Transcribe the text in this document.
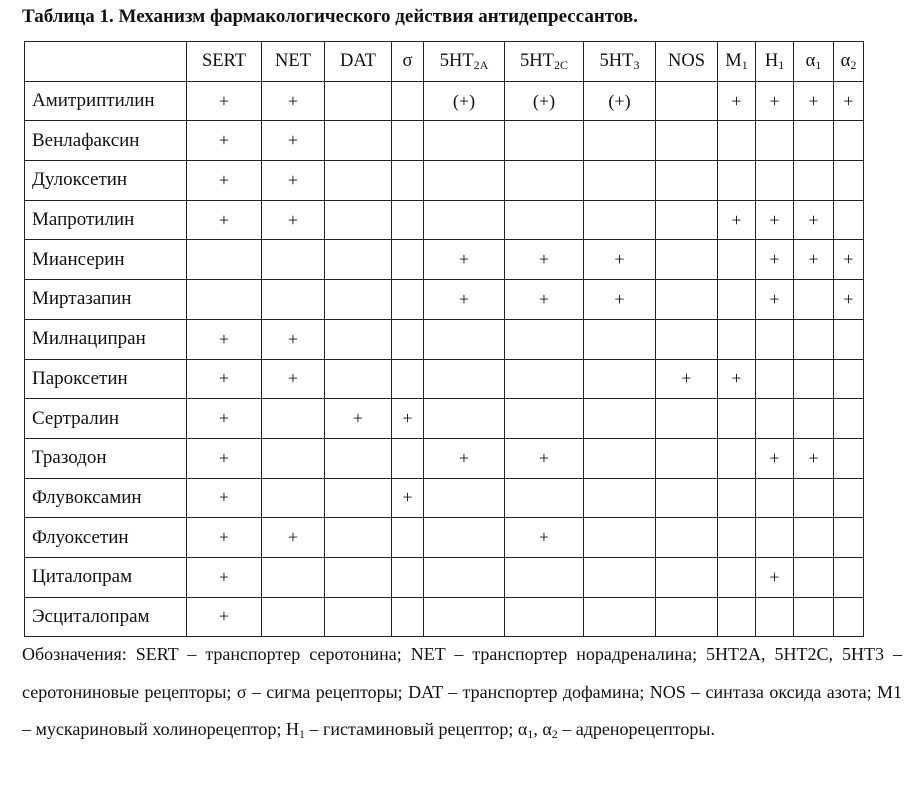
Таблица 1. Механизм фармакологического действия антидепрессантов.
	SERT	NET	DAT	σ	$5HT_{2A}$	$5HT_{2C}$	$5HT_3$	NOS	$M_1$	$H_1$	$\alpha_1$	$\alpha_2$
Амитриптилин	+	+			(+)	(+)	(+)		+	+	+	+
Венлафаксин	+	+										
Дулоксетин	+	+										
Мапротилин	+	+							+	+	+	
Миансерин					+	+	+			+	+	+
Миртазапин					+	+	+			+		+
Милнаципран	+	+										
Пароксетин	+	+						+	+			
Сертралин	+		+	+								
Тразодон	+				+	+				+	+	
Флувоксамин	+			+								
Флуоксетин	+	+				+						
Циталопрам	+									+		
Эсциталопрам	+											
Обозначения: SERT – транспортер серотонина; NET – транспортер норадреналина; 5HT2A, 5HT2C, 5HT3 – серотониновые рецепторы; σ – сигма рецепторы; DAT – транспортер дофамина; NOS – синтаза оксида азота; M1 – мускариновый холинорецептор; $H_1$ – гистаминовый рецептор; $\alpha_1$, $\alpha_2$ – адренорецепторы.
